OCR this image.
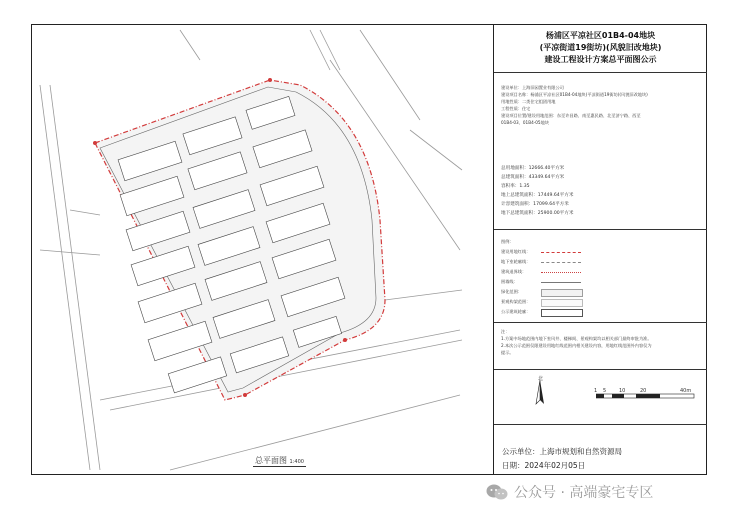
总平面图 1:400
杨浦区平凉社区01B4-04地块
(平凉街道19街坊)(风貌旧改地块)
建设工程设计方案总平面图公示
建设单位：上海旧园置业有限公司
建设项目名称：杨浦区平凉社区01B4-04地块(平凉街道19街坊)(风貌旧改地块)
用地性质：二类住宅组团用地
工程性质：住宅
建设项目位置/建设用地范围：东至许昌路、南至惠民路、北至济宁路、西至
01B4-03、01B4-05地块
总用地面积：12666.40平方米
总建筑面积：43349.64平方米
容积率：1.35
地上总建筑面积：17449.64平方米
计容建筑面积：17099.64平方米
地下总建筑面积：25900.00平方米
图例：
建设用地红线：
地下室轮廓线：
建筑退界线：
围墙线：
绿化范围：
景观构架范围：
公示建筑轮廓：
注：
1.方案中场地范围内地下室风井、楼梯间、景观构架均以相关部门最终审批为准。
2.本次公示范围仅限建设用地红线范围内相关建设内容，用地红线范围外内容仅为
提示。
公示单位：上海市规划和自然资源局
日期：2024年02月05日
北
1 5	10	20	40m
公众号 · 高端豪宅专区
